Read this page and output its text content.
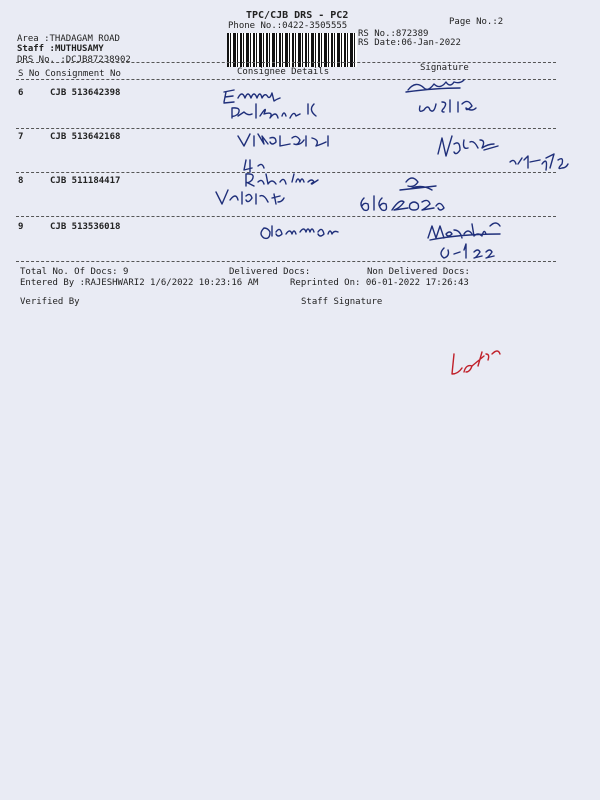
TPC/CJB DRS - PC2
Phone No.:0422-3505555	Page No.:2
Area :THADAGAM ROAD
Staff :MUTHUSAMY
DRS No. :DCJB87238902
RS No.:872389
RS Date:06-Jan-2022
S No Consignment No	Consignee Details	Signature
6	CJB 513642398
7	CJB 513642168
8	CJB 511184417
9	CJB 513536018
Total No. Of Docs: 9	Delivered Docs:	Non Delivered Docs:
Entered By :RAJESHWARI2 1/6/2022 10:23:16 AM	Reprinted On: 06-01-2022 17:26:43
Verified By	Staff Signature
